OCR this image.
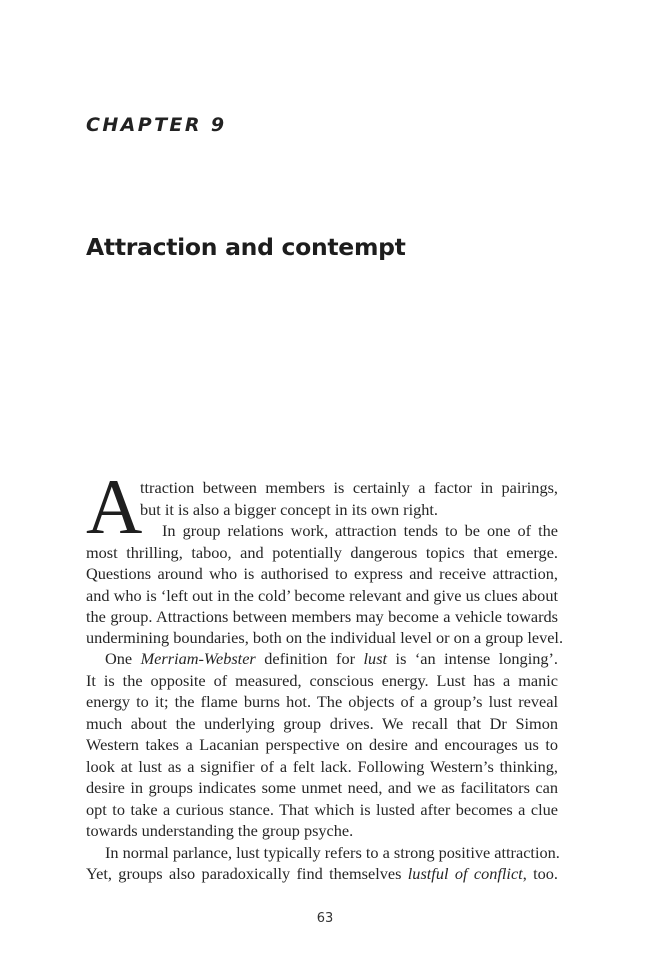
CHAPTER 9
Attraction and contempt
A
ttraction between members is certainly a factor in pairings,
but it is also a bigger concept in its own right.
In group relations work, attraction tends to be one of the
most thrilling, taboo, and potentially dangerous topics that emerge.
Questions around who is authorised to express and receive attraction,
and who is ‘left out in the cold’ become relevant and give us clues about
the group. Attractions between members may become a vehicle towards
undermining boundaries, both on the individual level or on a group level.
One Merriam-Webster definition for lust is ‘an intense longing’.
It is the opposite of measured, conscious energy. Lust has a manic
energy to it; the flame burns hot. The objects of a group’s lust reveal
much about the underlying group drives. We recall that Dr Simon
Western takes a Lacanian perspective on desire and encourages us to
look at lust as a signifier of a felt lack. Following Western’s thinking,
desire in groups indicates some unmet need, and we as facilitators can
opt to take a curious stance. That which is lusted after becomes a clue
towards understanding the group psyche.
In normal parlance, lust typically refers to a strong positive attraction.
Yet, groups also paradoxically find themselves lustful of conflict, too.
63
